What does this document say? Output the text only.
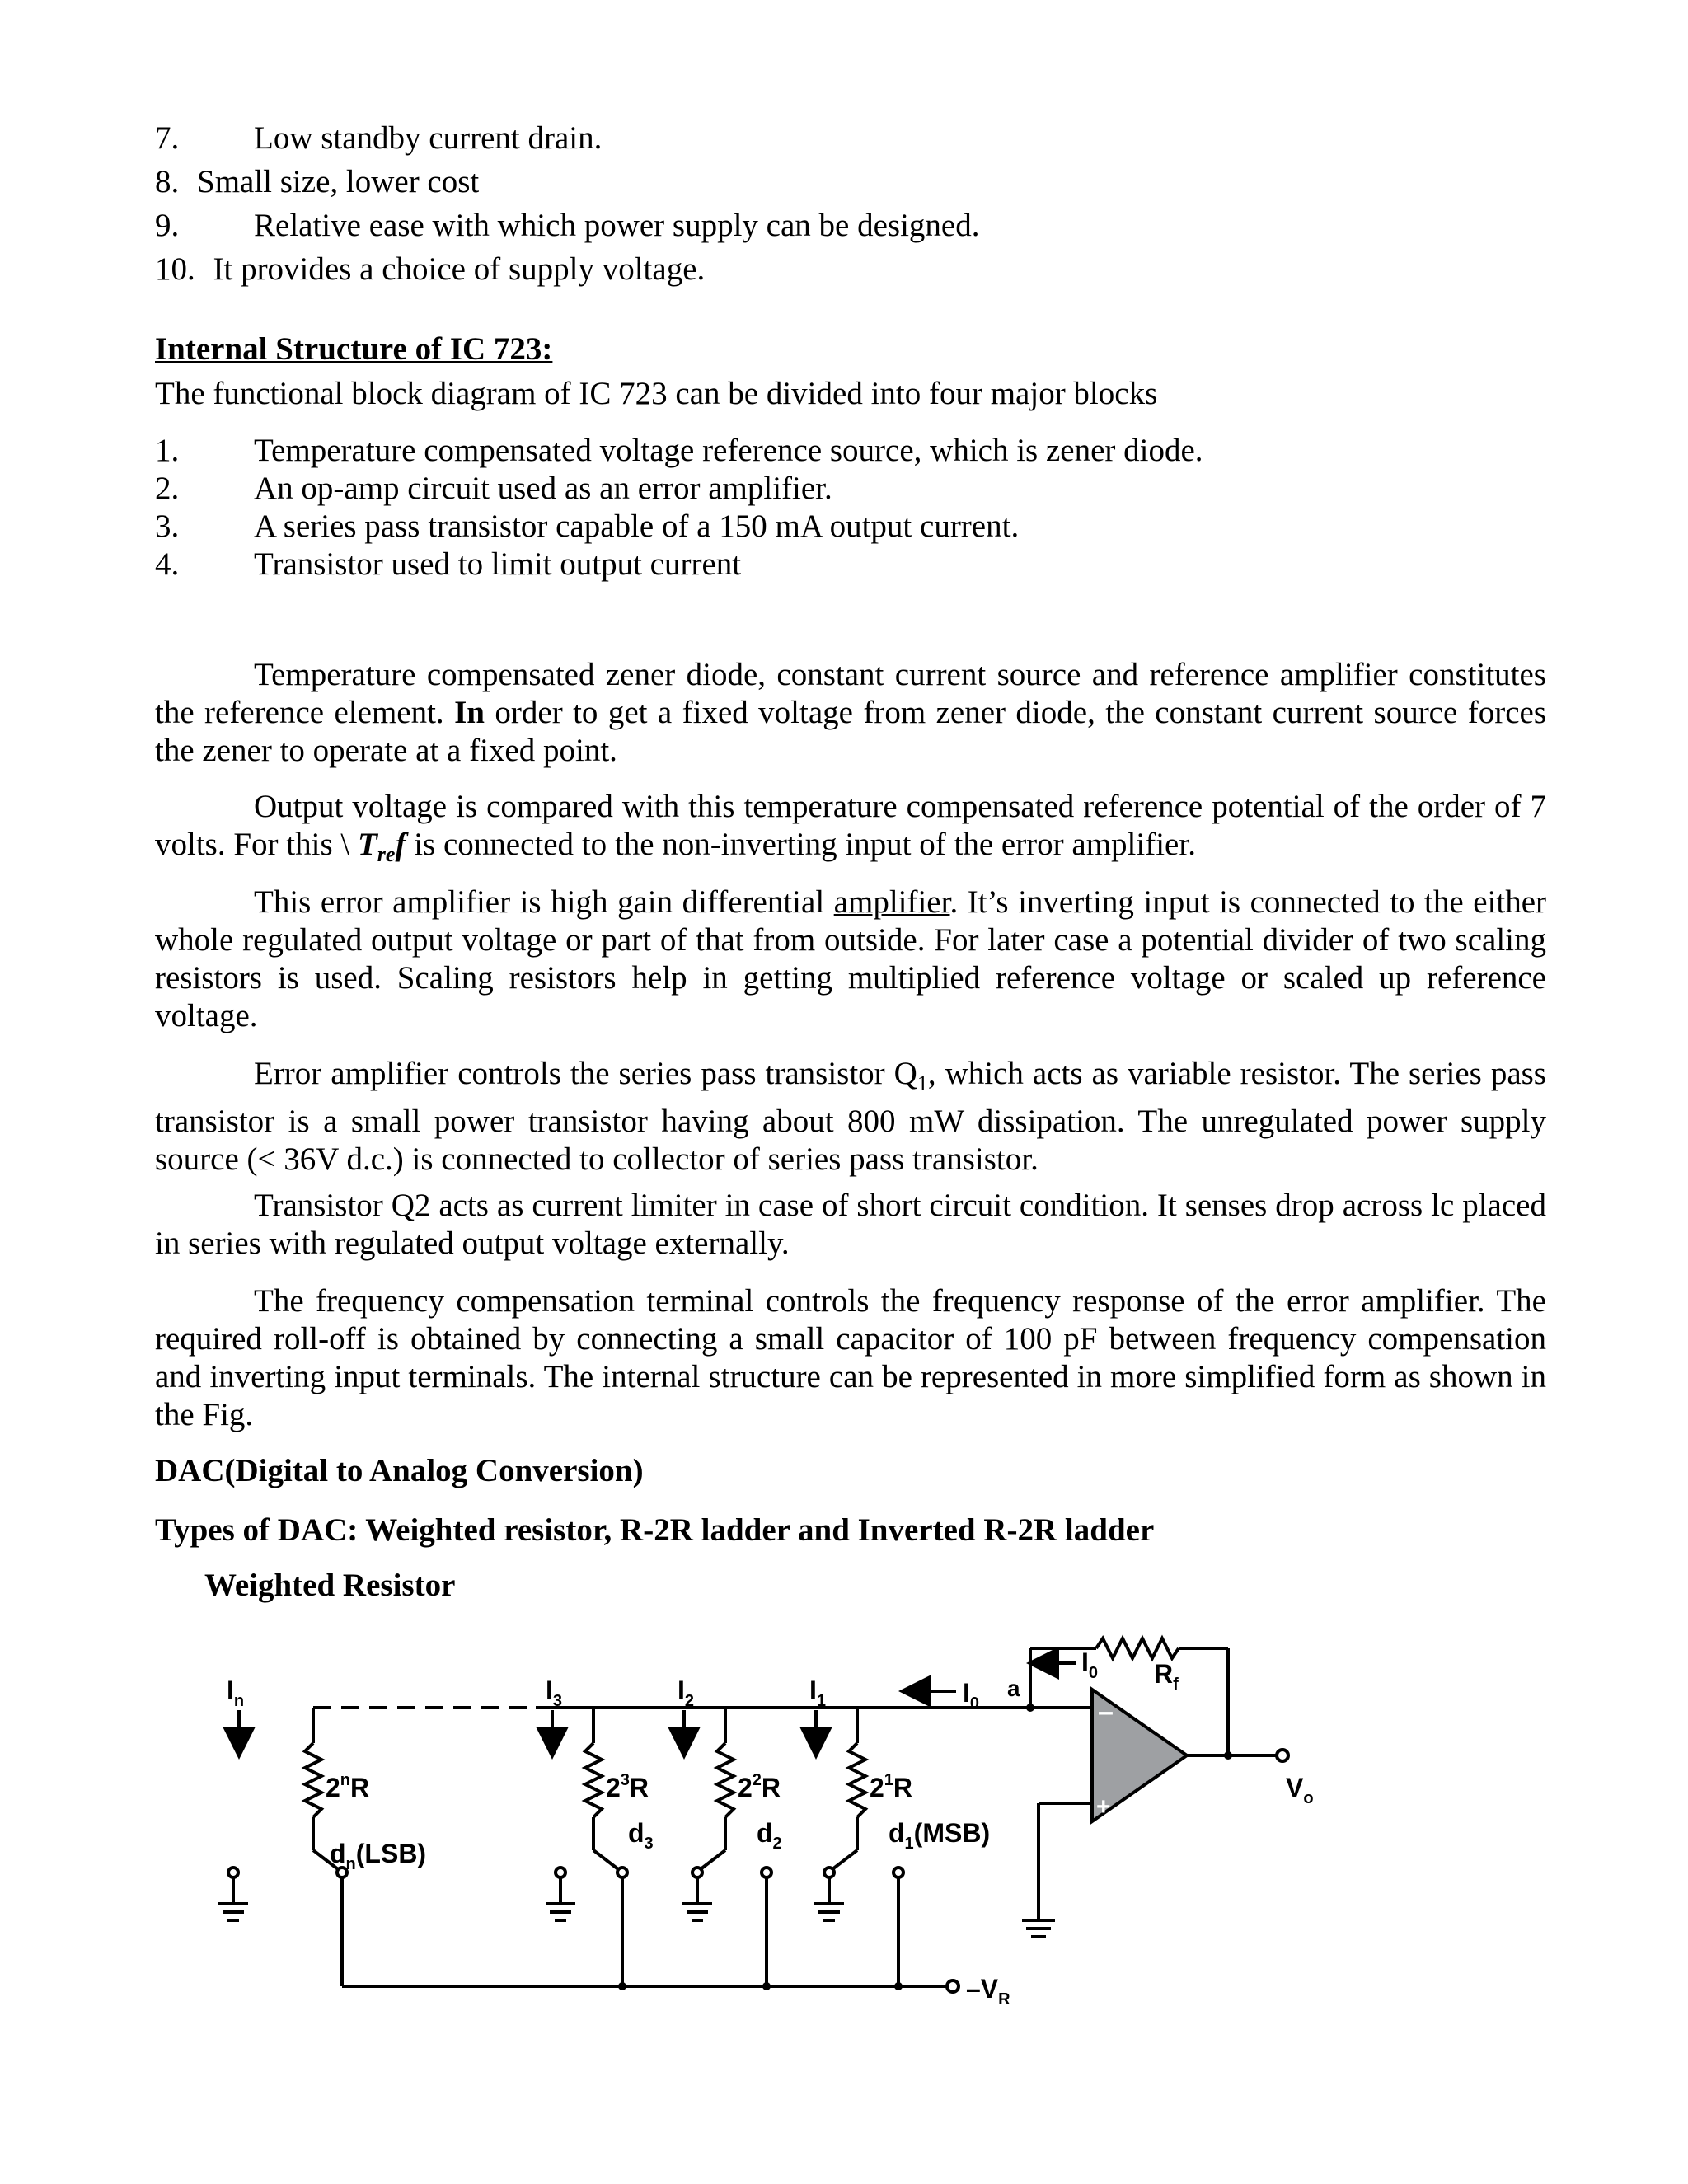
7. Low standby current drain.
8. Small size, lower cost
9. Relative ease with which power supply can be designed.
10. It provides a choice of supply voltage.
Internal Structure of IC 723:
The functional block diagram of IC 723 can be divided into four major blocks
1. Temperature compensated voltage reference source, which is zener diode.
2. An op-amp circuit used as an error amplifier.
3. A series pass transistor capable of a 150 mA output current.
4. Transistor used to limit output current
Temperature compensated zener diode, constant current source and reference amplifier constitutes the reference element. In order to get a fixed voltage from zener diode, the constant current source forces the zener to operate at a fixed point.
Output voltage is compared with this temperature compensated reference potential of the order of 7 volts. For this \ $T_{re}f$ is connected to the non-inverting input of the error amplifier.
This error amplifier is high gain differential amplifier. It’s inverting input is connected to the either whole regulated output voltage or part of that from outside. For later case a potential divider of two scaling resistors is used. Scaling resistors help in getting multiplied reference voltage or scaled up reference voltage.
Error amplifier controls the series pass transistor $Q_1$, which acts as variable resistor. The series pass transistor is a small power transistor having about 800 mW dissipation. The unregulated power supply source (< 36V d.c.) is connected to collector of series pass transistor.
Transistor Q2 acts as current limiter in case of short circuit condition. It senses drop across lc placed in series with regulated output voltage externally.
The frequency compensation terminal controls the frequency response of the error amplifier. The required roll-off is obtained by connecting a small capacitor of 100 pF between frequency compensation and inverting input terminals. The internal structure can be represented in more simplified form as shown in the Fig.
DAC(Digital to Analog Conversion)
Types of DAC: Weighted resistor, R-2R ladder and Inverted R-2R ladder
Weighted Resistor
$I_n$	$I_3$	$I_2$	$I_1$	$I_0$
$I_0$ $R_f$
a
$V_o$
–
+
$2^nR$	$2^3R$	$2^2R$	$2^1R$
$d_n(LSB)$
$d_3$	$d_2$	$d_1(MSB)$
$-V_R$
